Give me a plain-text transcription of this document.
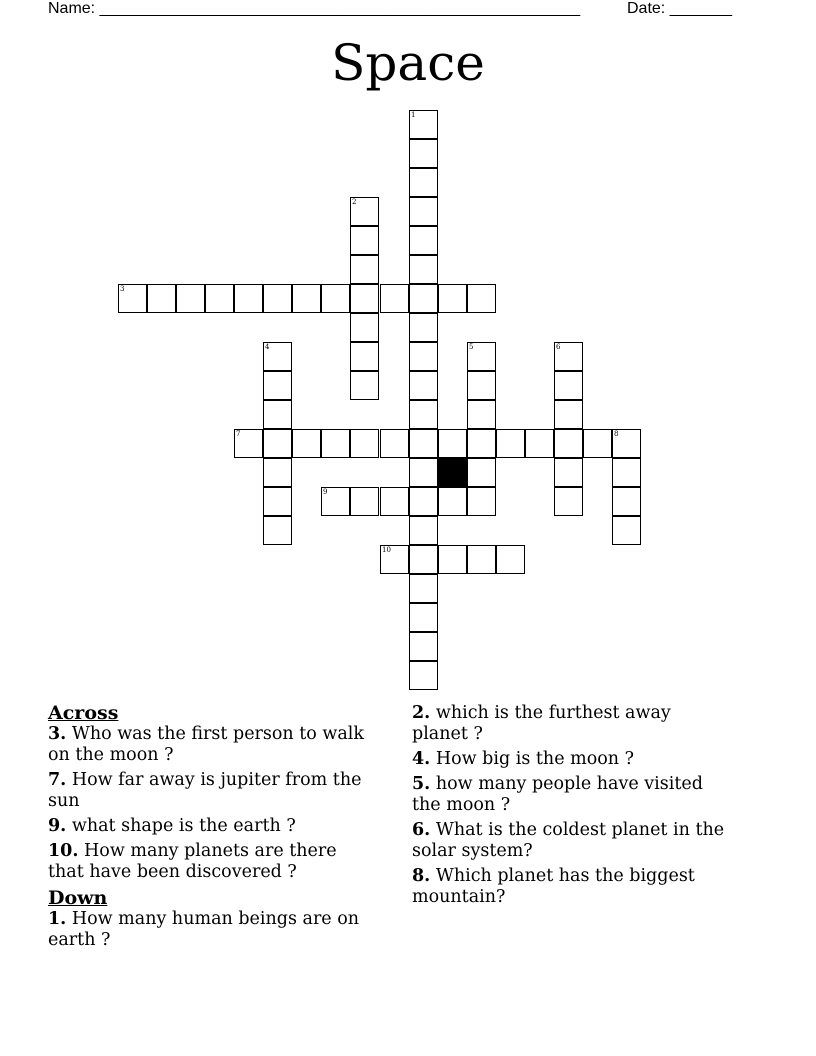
Name: ______________________________________________________	Date: _______
Space
1
2
3
4	5	6
7	8
9
10
Across
3. Who was the first person to walk on the moon ?
7. How far away is jupiter from the sun
9. what shape is the earth ?
10. How many planets are there that have been discovered ?
Down
1. How many human beings are on earth ?
2. which is the furthest away planet ?
4. How big is the moon ?
5. how many people have visited the moon ?
6. What is the coldest planet in the solar system?
8. Which planet has the biggest mountain?
